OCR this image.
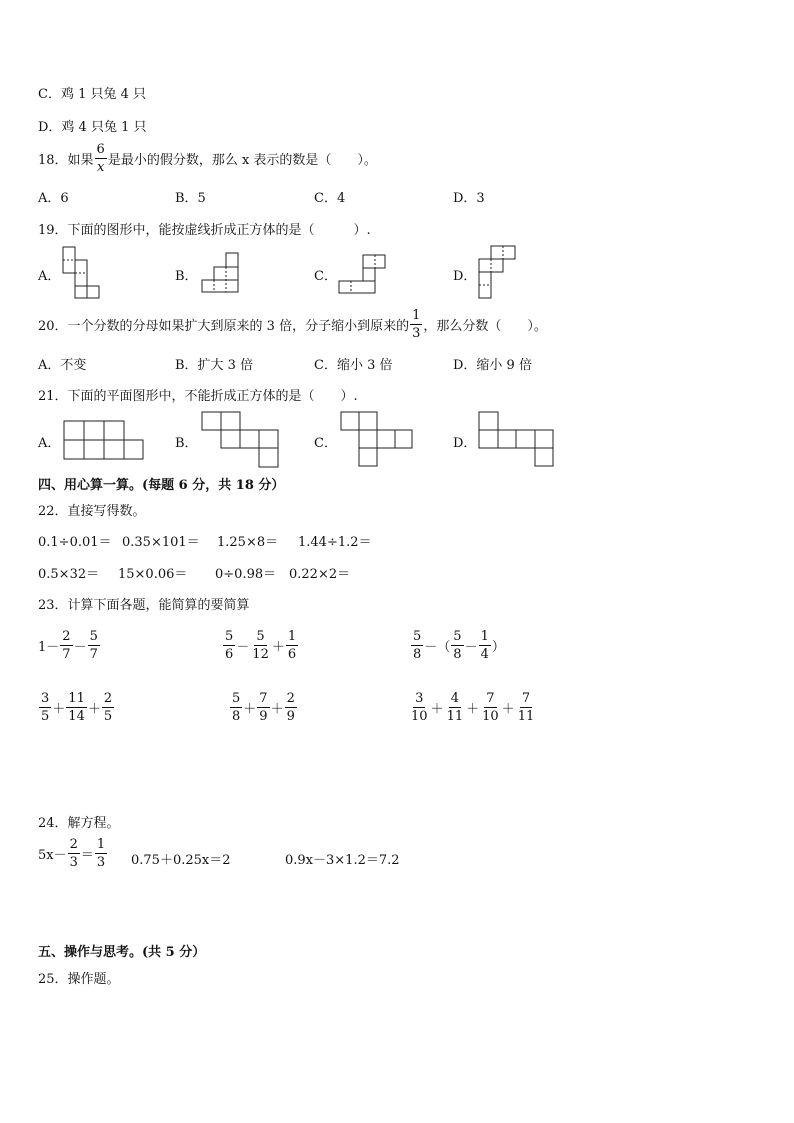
C．鸡 1 只兔 4 只
D．鸡 4 只兔 1 只
18．如果 $\frac{6}{x}$ 是最小的假分数，那么 x 表示的数是（　　）。
A．6	B．5	C．4	D．3
19．下面的图形中，能按虚线折成正方体的是（　　　）.
A．	B．	C．	D．
20．一个分数的分母如果扩大到原来的 3 倍，分子缩小到原来的 $\frac{1}{3}$ ，那么分数（　　）。
A．不变	B．扩大 3 倍	C．缩小 3 倍	D．缩小 9 倍
21．下面的平面图形中，不能折成正方体的是（　　）.
A．	B．	C．	D．
四、用心算一算。(每题 6 分，共 18 分）
22．直接写得数。
0.1÷0.01＝ 0.35×101＝ 1.25×8＝ 1.44÷1.2＝
0.5×32＝ 15×0.06＝ 0÷0.98＝ 0.22×2＝
23．计算下面各题，能简算的要简算
$1- \frac{2}{7} - \frac{5}{7}$	$\frac{5}{6} - \frac{5}{12} + \frac{1}{6}$	$\frac{5}{8}$ －（ $\frac{5}{8} - \frac{1}{4}$ ）
$\frac{3}{5} + \frac{11}{14} + \frac{2}{5}$	$\frac{5}{8} + \frac{7}{9} + \frac{2}{9}$	$\frac{3}{10} + \frac{4}{11} + \frac{7}{10} + \frac{7}{11}$
24．解方程。
$5x- \frac{2}{3} = \frac{1}{3} 0.75+0.25x=2$	0.9x－3×1.2＝7.2
五、操作与思考。(共 5 分）
25．操作题。
